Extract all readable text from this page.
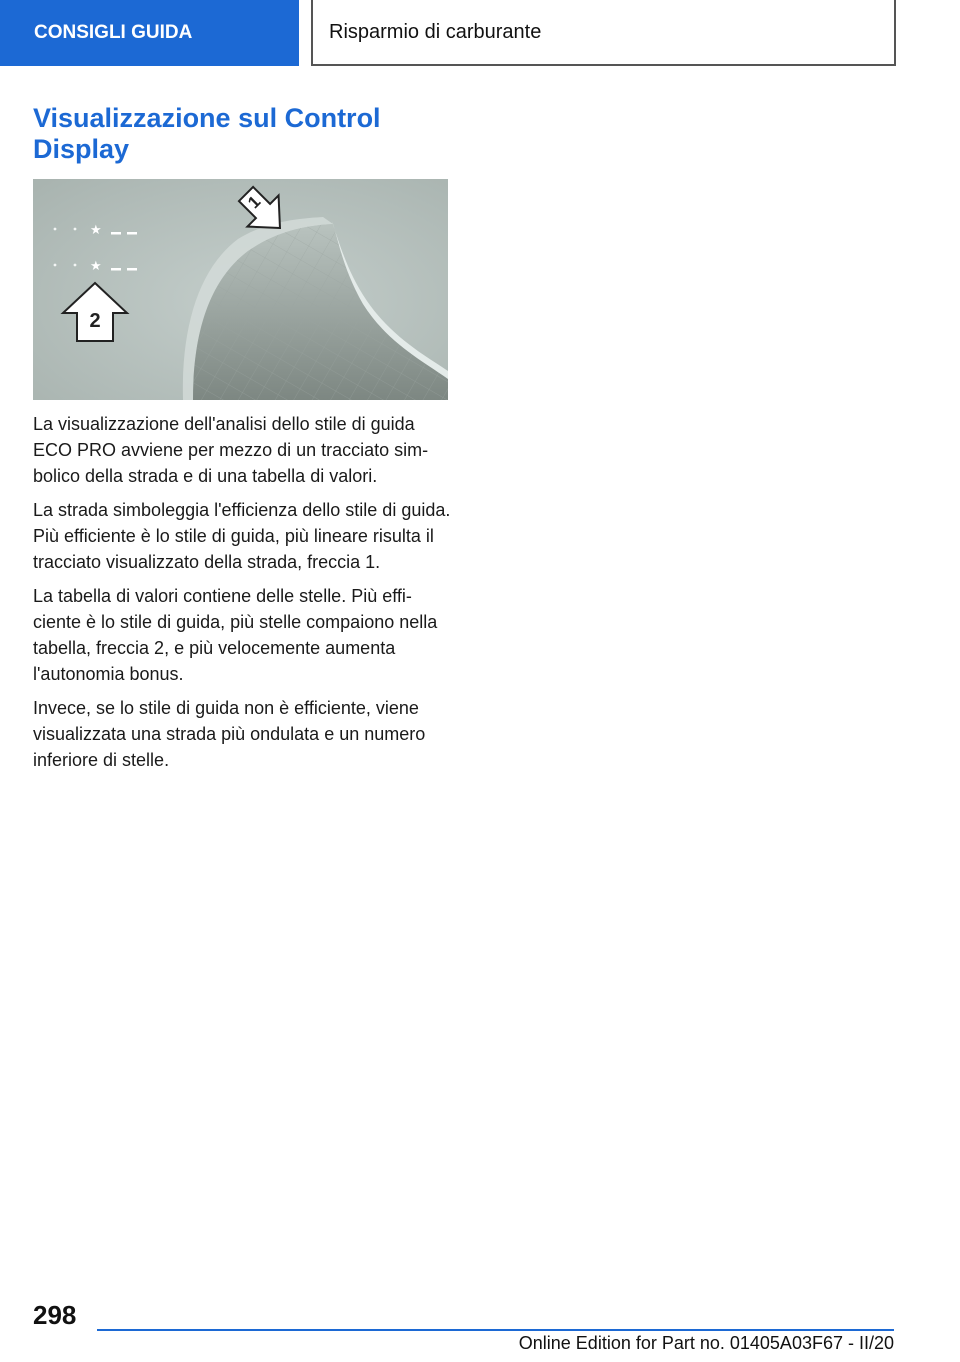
CONSIGLI GUIDA	Risparmio di carburante
Visualizzazione sul Control Display
★
★
1
2

La visualizzazione dell'analisi dello stile di guida ECO PRO avviene per mezzo di un tracciato simbolico della strada e di una tabella di valori.

La strada simboleggia l'efficienza dello stile di guida. Più efficiente è lo stile di guida, più lineare risulta il tracciato visualizzato della strada, freccia 1.

La tabella di valori contiene delle stelle. Più efficiente è lo stile di guida, più stelle compaiono nella tabella, freccia 2, e più velocemente aumenta l'autonomia bonus.

Invece, se lo stile di guida non è efficiente, viene visualizzata una strada più ondulata e un numero inferiore di stelle.

298
Online Edition for Part no. 01405A03F67 - II/20
